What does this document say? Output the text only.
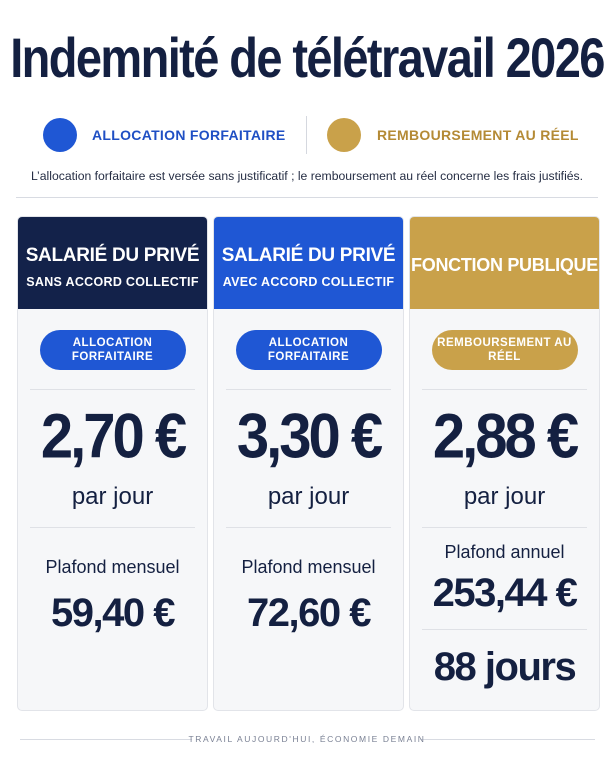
Indemnité de télétravail 2026
ALLOCATION FORFAITAIRE	REMBOURSEMENT AU RÉEL
L’allocation forfaitaire est versée sans justificatif ; le remboursement au réel concerne les frais justifiés.
SALARIÉ DU PRIVÉ
SANS ACCORD COLLECTIF
ALLOCATION FORFAITAIRE
2,70 €
par jour
Plafond mensuel
59,40 €
SALARIÉ DU PRIVÉ
AVEC ACCORD COLLECTIF
ALLOCATION FORFAITAIRE
3,30 €
par jour
Plafond mensuel
72,60 €
FONCTION PUBLIQUE
REMBOURSEMENT AU RÉEL
2,88 €
par jour
Plafond annuel
253,44 €
88 jours
TRAVAIL AUJOURD'HUI, ÉCONOMIE DEMAIN
